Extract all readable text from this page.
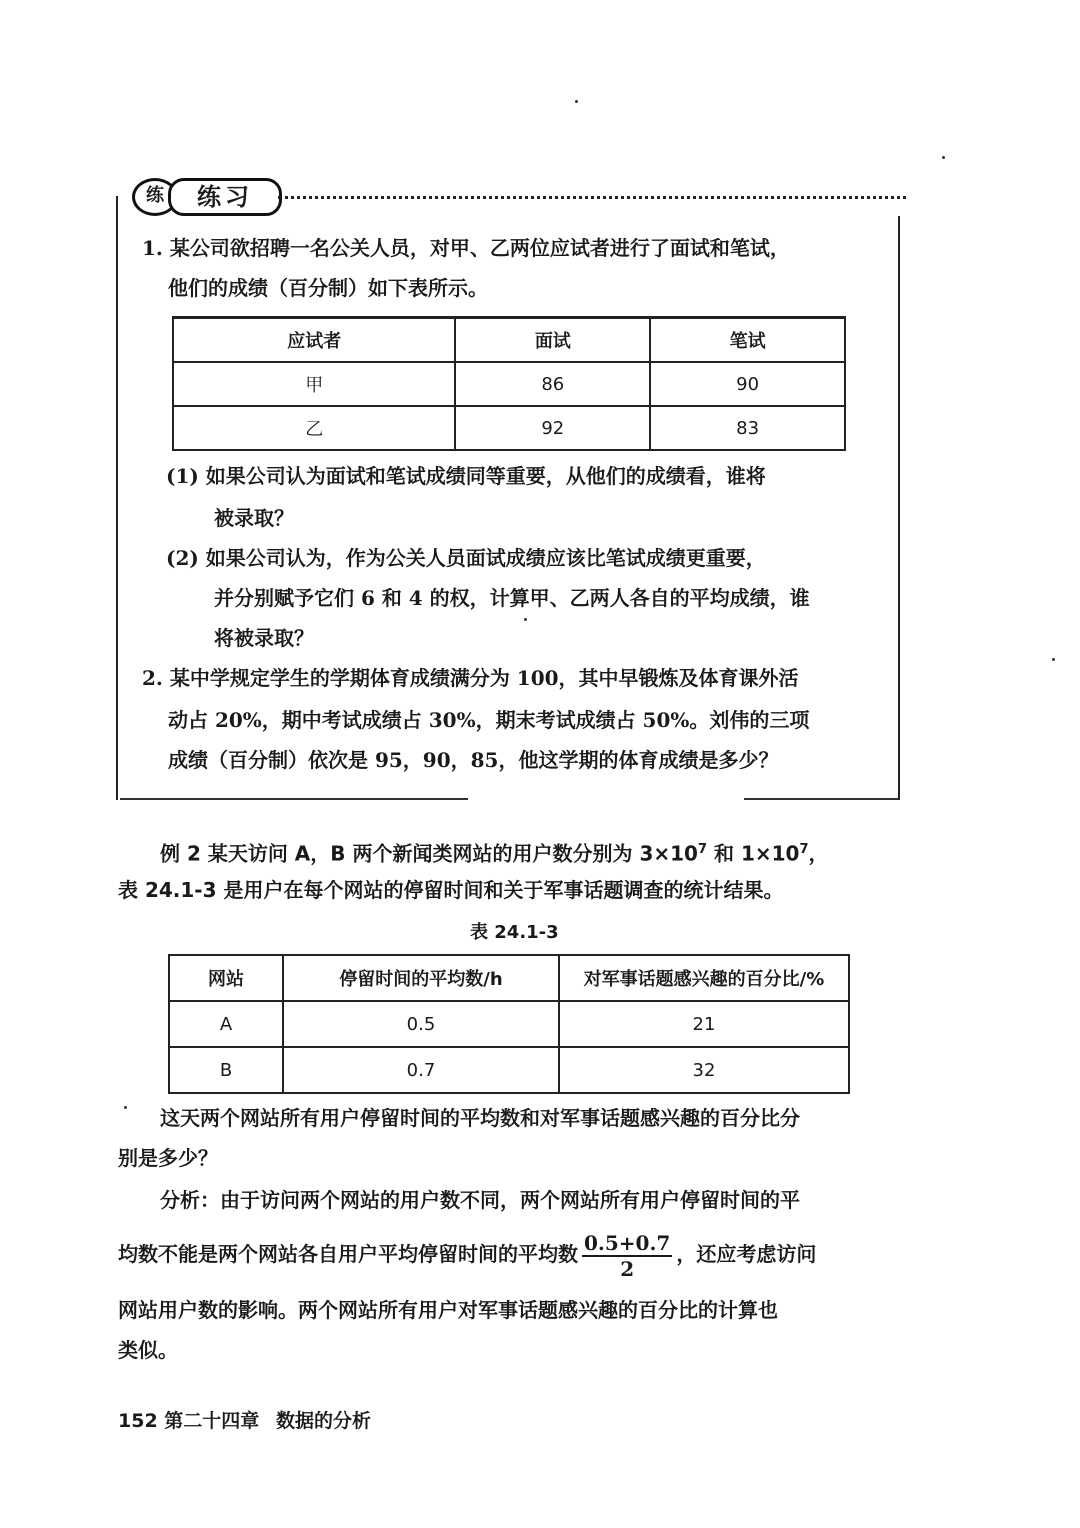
练	练习
1. 某公司欲招聘一名公关人员，对甲、乙两位应试者进行了面试和笔试，
他们的成绩（百分制）如下表所示。
应试者	面试	笔试
甲	86	90
乙	92	83
(1) 如果公司认为面试和笔试成绩同等重要，从他们的成绩看，谁将
被录取？
(2) 如果公司认为，作为公关人员面试成绩应该比笔试成绩更重要，
并分别赋予它们 6 和 4 的权，计算甲、乙两人各自的平均成绩，谁
将被录取？
2. 某中学规定学生的学期体育成绩满分为 100，其中早锻炼及体育课外活
动占 20%，期中考试成绩占 30%，期末考试成绩占 50%。刘伟的三项
成绩（百分制）依次是 95，90，85，他这学期的体育成绩是多少？
例 2 某天访问 A，B 两个新闻类网站的用户数分别为 $3\times 10^7$ 和 $1\times 10^7$，
表 24.1-3 是用户在每个网站的停留时间和关于军事话题调查的统计结果。
表 24.1-3
网站	停留时间的平均数/h	对军事话题感兴趣的百分比/%
A	0.5	21
B	0.7	32
这天两个网站所有用户停留时间的平均数和对军事话题感兴趣的百分比分
别是多少？
分析：由于访问两个网站的用户数不同，两个网站所有用户停留时间的平
均数不能是两个网站各自用户平均停留时间的平均数 $\frac{0.5+0.7}{2}$ ，还应考虑访问
网站用户数的影响。两个网站所有用户对军事话题感兴趣的百分比的计算也
类似。
152 第二十四章 数据的分析
